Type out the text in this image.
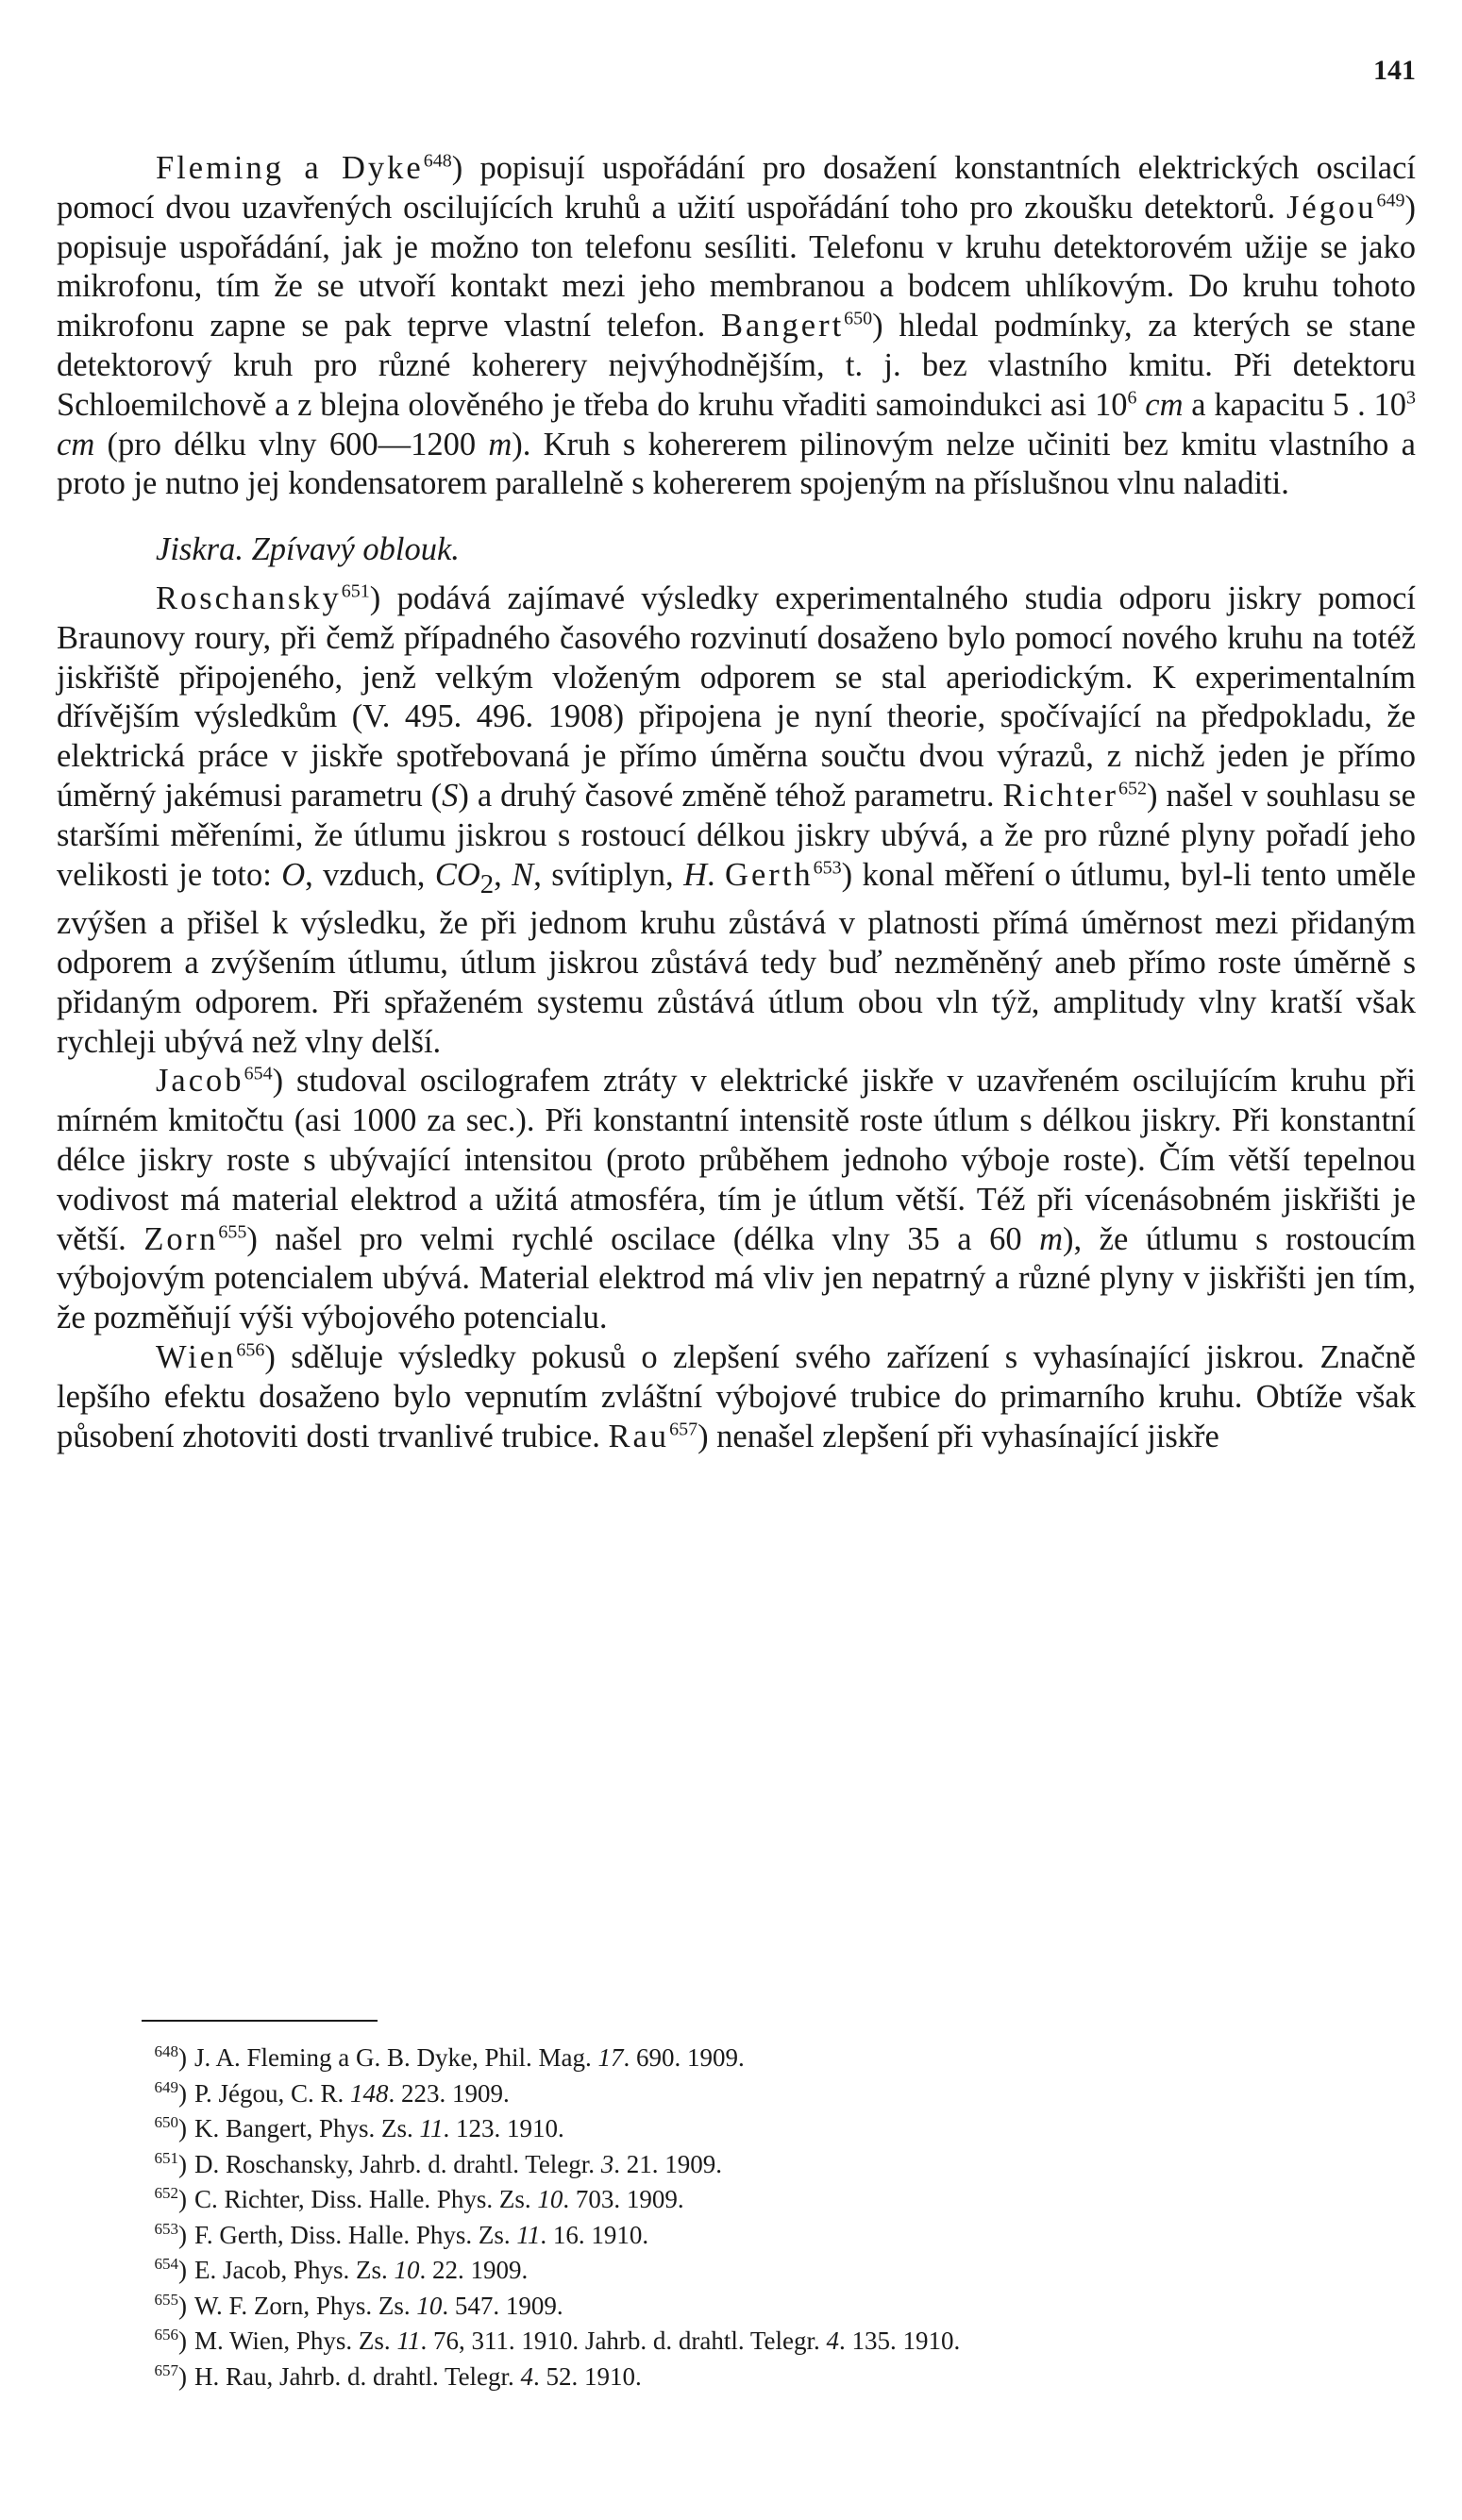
141

Fleming a Dyke$^{648}$) popisují uspořádání pro dosažení konstantních elektrických oscilací pomocí dvou uzavřených oscilujících kruhů a užití uspořádání toho pro zkoušku detektorů. Jégou$^{649}$) popisuje uspořádání, jak je možno ton telefonu sesíliti. Telefonu v kruhu detektorovém užije se jako mikrofonu, tím že se utvoří kontakt mezi jeho membranou a bodcem uhlíkovým. Do kruhu tohoto mikrofonu zapne se pak teprve vlastní telefon. Bangert$^{650}$) hledal podmínky, za kterých se stane detektorový kruh pro různé koherery nejvýhodnějším, t. j. bez vlastního kmitu. Při detektoru Schloemilchově a z blejna olověného je třeba do kruhu vřaditi samoindukci asi $10^6$ cm a kapacitu 5 . $10^3$ cm (pro délku vlny 600—1200 m). Kruh s kohererem pilinovým nelze učiniti bez kmitu vlastního a proto je nutno jej kondensatorem parallelně s kohererem spojeným na příslušnou vlnu naladiti.

Jiskra. Zpívavý oblouk.

Roschansky$^{651}$) podává zajímavé výsledky experimentalného studia odporu jiskry pomocí Braunovy roury, při čemž případného časového rozvinutí dosaženo bylo pomocí nového kruhu na totéž jiskřiště připojeného, jenž velkým vloženým odporem se stal aperiodickým. K experimentalním dřívějším výsledkům (V. 495. 496. 1908) připojena je nyní theorie, spočívající na předpokladu, že elektrická práce v jiskře spotřebovaná je přímo úměrna součtu dvou výrazů, z nichž jeden je přímo úměrný jakémusi parametru (S) a druhý časové změně téhož parametru. Richter$^{652}$) našel v souhlasu se staršími měřeními, že útlumu jiskrou s rostoucí délkou jiskry ubývá, a že pro různé plyny pořadí jeho velikosti je toto: O, vzduch, $CO_2$, N, svítiplyn, H. Gerth$^{653}$) konal měření o útlumu, byl-li tento uměle zvýšen a přišel k výsledku, že při jednom kruhu zůstává v platnosti přímá úměrnost mezi přidaným odporem a zvýšením útlumu, útlum jiskrou zůstává tedy buď nezměněný aneb přímo roste úměrně s přidaným odporem. Při spřaženém systemu zůstává útlum obou vln týž, amplitudy vlny kratší však rychleji ubývá než vlny delší.

Jacob$^{654}$) studoval oscilografem ztráty v elektrické jiskře v uzavřeném oscilujícím kruhu při mírném kmitočtu (asi 1000 za sec.). Při konstantní intensitě roste útlum s délkou jiskry. Při konstantní délce jiskry roste s ubývající intensitou (proto průběhem jednoho výboje roste). Čím větší tepelnou vodivost má material elektrod a užitá atmosféra, tím je útlum větší. Též při vícenásobném jiskřišti je větší. Zorn$^{655}$) našel pro velmi rychlé oscilace (délka vlny 35 a 60 m), že útlumu s rostoucím výbojovým potencialem ubývá. Material elektrod má vliv jen nepatrný a různé plyny v jiskřišti jen tím, že pozměňují výši výbojového potencialu.

Wien$^{656}$) sděluje výsledky pokusů o zlepšení svého zařízení s vyhasínající jiskrou. Značně lepšího efektu dosaženo bylo vepnutím zvláštní výbojové trubice do primarního kruhu. Obtíže však působení zhotoviti dosti trvanlivé trubice. Rau$^{657}$) nenašel zlepšení při vyhasínající jiskře

$^{648}$) J. A. Fleming a G. B. Dyke, Phil. Mag. 17. 690. 1909.
$^{649}$) P. Jégou, C. R. 148. 223. 1909.
$^{650}$) K. Bangert, Phys. Zs. 11. 123. 1910.
$^{651}$) D. Roschansky, Jahrb. d. drahtl. Telegr. 3. 21. 1909.
$^{652}$) C. Richter, Diss. Halle. Phys. Zs. 10. 703. 1909.
$^{653}$) F. Gerth, Diss. Halle. Phys. Zs. 11. 16. 1910.
$^{654}$) E. Jacob, Phys. Zs. 10. 22. 1909.
$^{655}$) W. F. Zorn, Phys. Zs. 10. 547. 1909.
$^{656}$) M. Wien, Phys. Zs. 11. 76, 311. 1910. Jahrb. d. drahtl. Telegr. 4. 135. 1910.
$^{657}$) H. Rau, Jahrb. d. drahtl. Telegr. 4. 52. 1910.
